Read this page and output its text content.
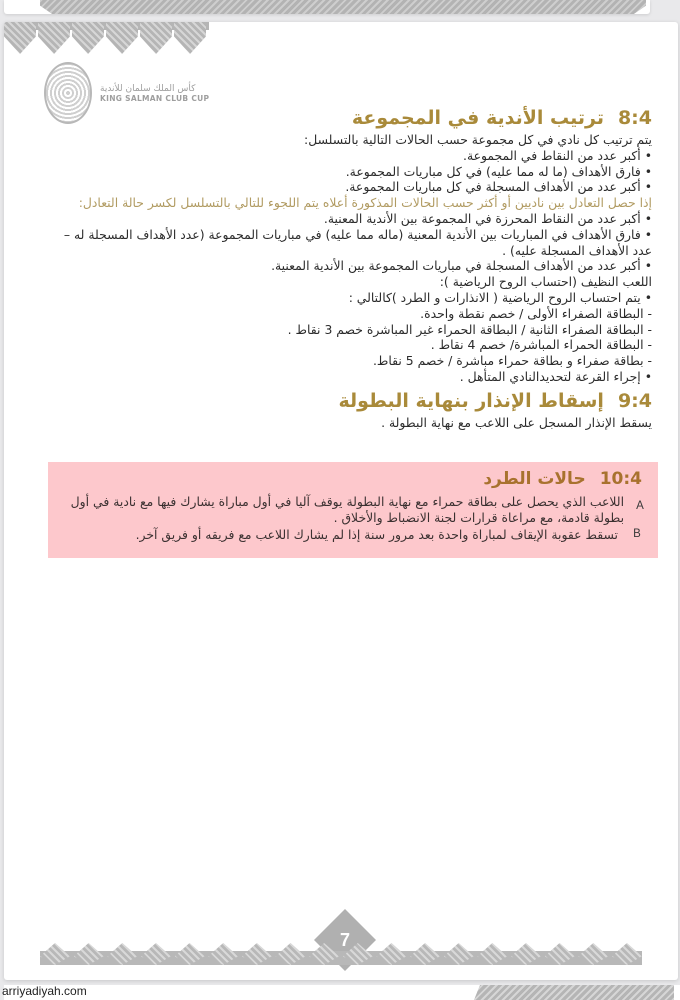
كأس الملك سلمان للأندية
KING SALMAN CLUB CUP
8:4
ترتيب الأندية في المجموعة
يتم ترتيب كل نادي في كل مجموعة حسب الحالات التالية بالتسلسل:
• أكبر عدد من النقاط في المجموعة.
• فارق الأهداف (ما له مما عليه) في كل مباريات المجموعة.
• أكبر عدد من الأهداف المسجلة في كل مباريات المجموعة.
إذا حصل التعادل بين ناديين أو أكثر حسب الحالات المذكورة أعلاه يتم اللجوء للتالي بالتسلسل لكسر حالة التعادل:
• أكبر عدد من النقاط المحرزة في المجموعة بين الأندية المعنية.
• فارق الأهداف في المباريات بين الأندية المعنية (ماله مما عليه) في مباريات المجموعة (عدد الأهداف المسجلة له – عدد الأهداف المسجلة عليه) .
• أكبر عدد من الأهداف المسجلة في مباريات المجموعة بين الأندية المعنية.
اللعب النظيف (احتساب الروح الرياضية ):
• يتم احتساب الروح الرياضية ( الانذارات و الطرد )كالتالي :
- البطاقة الصفراء الأولى / خصم نقطة واحدة.
- البطاقة الصفراء الثانية / البطاقة الحمراء غير المباشرة خصم 3 نقاط .
- البطاقة الحمراء المباشرة/ خصم 4 نقاط .
- بطاقة صفراء و بطاقة حمراء مباشرة / خصم 5 نقاط.
• إجراء القرعة لتحديدالنادي المتأهل .
9:4
إسقاط الإنذار بنهاية البطولة
يسقط الإنذار المسجل على اللاعب مع نهاية البطولة .
7
10:4
حالات الطرد
A
اللاعب الذي يحصل على بطاقة حمراء مع نهاية البطولة يوقف آليا في أول مباراة يشارك فيها مع نادية في أول بطولة قادمة، مع مراعاة قرارات لجنة الانضباط والأخلاق .
B
تسقط عقوبة الإيقاف لمباراة واحدة بعد مرور سنة إذا لم يشارك اللاعب مع فريقه أو فريق آخر.
arriyadiyah.com
